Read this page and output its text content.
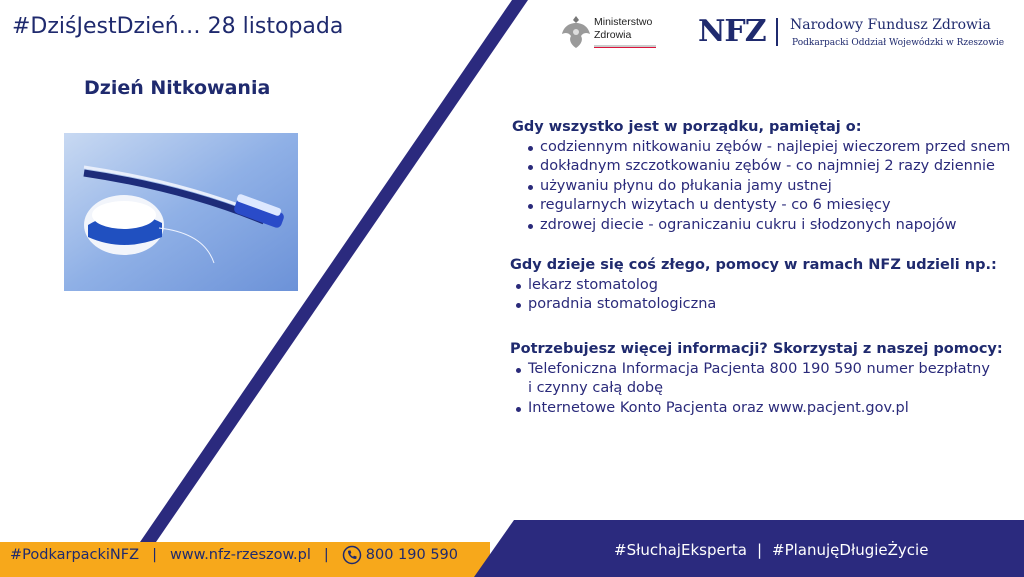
#DziśJestDzień… 28 listopada
Dzień Nitkowania
Ministerstwo
Zdrowia NFZ Narodowy Fundusz Zdrowia
Podkarpacki Oddział Wojewódzki w Rzeszowie
Gdy wszystko jest w porządku, pamiętaj o:
codziennym nitkowaniu zębów - najlepiej wieczorem przed snem
dokładnym szczotkowaniu zębów - co najmniej 2 razy dziennie
używaniu płynu do płukania jamy ustnej
regularnych wizytach u dentysty - co 6 miesięcy
zdrowej diecie - ograniczaniu cukru i słodzonych napojów
Gdy dzieje się coś złego, pomocy w ramach NFZ udzieli np.:
lekarz stomatolog
poradnia stomatologiczna
Potrzebujesz więcej informacji? Skorzystaj z naszej pomocy:
Telefoniczna Informacja Pacjenta 800 190 590 numer bezpłatny i czynny całą dobę
Internetowe Konto Pacjenta oraz www.pacjent.gov.pl
#PodkarpackiNFZ | www.nfz-rzeszow.pl |	800 190 590	#SłuchajEksperta | #PlanujęDługieŻycie
